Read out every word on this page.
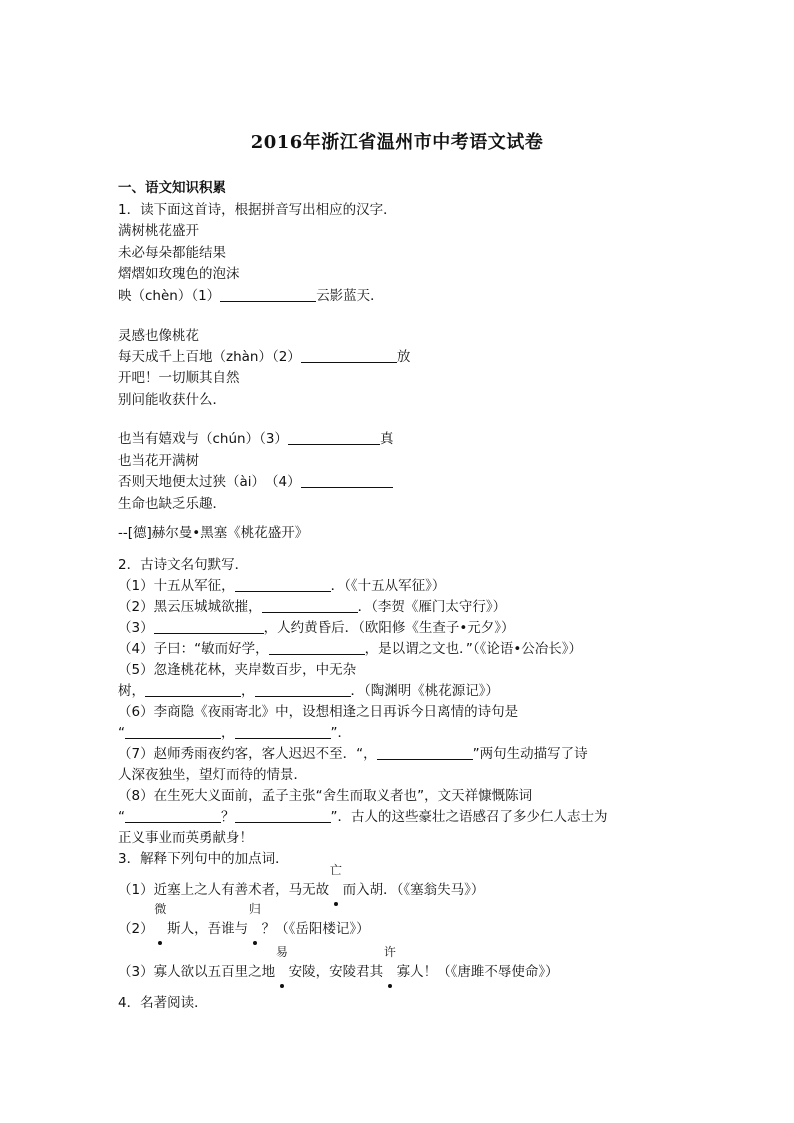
2016年浙江省温州市中考语文试卷
一、语文知识积累
1．读下面这首诗，根据拼音写出相应的汉字．
满树桃花盛开
未必每朵都能结果
熠熠如玫瑰色的泡沫
映（chèn）（1）	云影蓝天．
灵感也像桃花
每天成千上百地（zhàn）（2）	放
开吧！一切顺其自然
别问能收获什么．
也当有嬉戏与（chún）（3）	真
也当花开满树
否则天地便太过狭（ài）　（4）
生命也缺乏乐趣．
--[德]赫尔曼•黑塞《桃花盛开》
2．古诗文名句默写．
（1）十五从军征，	．（《十五从军征》）
（2）黑云压城城欲摧，	．（李贺《雁门太守行》）
（3）	，人约黄昏后．（欧阳修《生查子•元夕》）
（4）子曰：“敏而好学，	，是以谓之文也．”（《论语•公冶长》）
（5）忽逢桃花林，夹岸数百步，中无杂
树，	，	．（陶渊明《桃花源记》）
（6）李商隐《夜雨寄北》中，设想相逢之日再诉今日离情的诗句是
“	，	”．
（7）赵师秀雨夜约客，客人迟迟不至．“，	”两句生动描写了诗
人深夜独坐，望灯而待的情景．
（8）在生死大义面前，孟子主张“舍生而取义者也”，文天祥慷慨陈词
“	？	”．古人的这些豪壮之语感召了多少仁人志士为
正义事业而英勇献身！
3．解释下列句中的加点词．
（1）近塞上之人有善术者，马无故
亡
　而入胡．（《塞翁失马》）
（2）
微
　斯人，吾谁与
归
　？（《岳阳楼记》）
（3）寡人欲以五百里之地
易
　安陵，安陵君其
许
　寡人！（《唐雎不辱使命》）
4．名著阅读．
